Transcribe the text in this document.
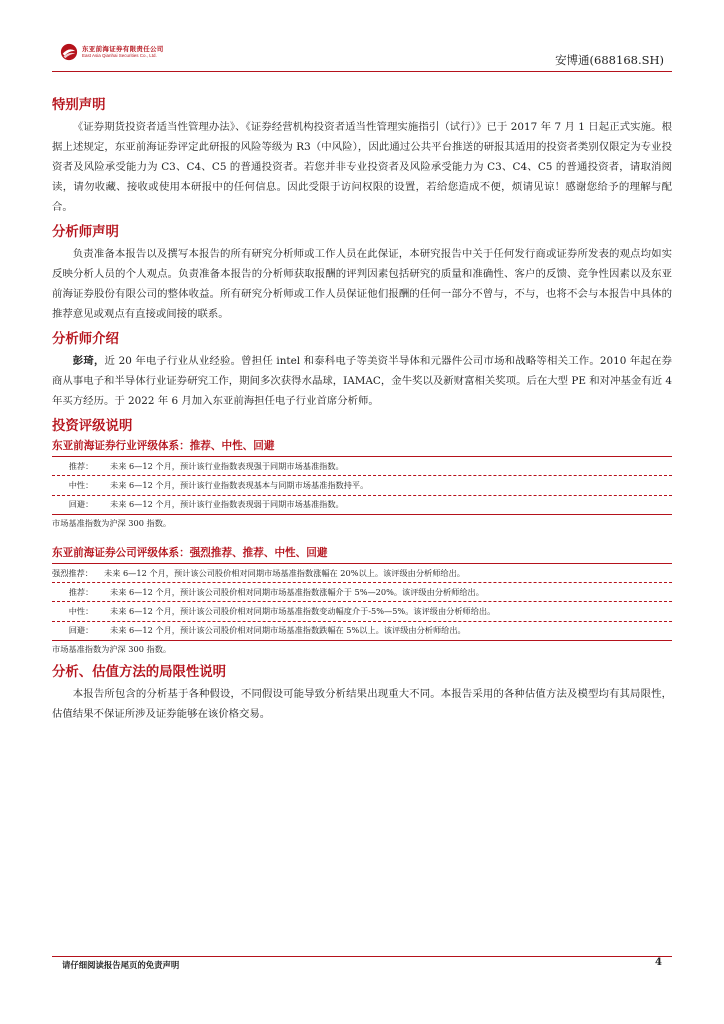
东亚前海证券有限责任公司
East Asia Qianhai Securities Co., Ltd.	安博通(688168.SH)
特别声明

《证券期货投资者适当性管理办法》、《证券经营机构投资者适当性管理实施指引（试行）》已于 2017 年 7 月 1 日起正式实施。根据上述规定，东亚前海证券评定此研报的风险等级为 R3（中风险），因此通过公共平台推送的研报其适用的投资者类别仅限定为专业投资者及风险承受能力为 C3、C4、C5 的普通投资者。若您并非专业投资者及风险承受能力为 C3、C4、C5 的普通投资者，请取消阅读，请勿收藏、接收或使用本研报中的任何信息。因此受限于访问权限的设置，若给您造成不便，烦请见谅！感谢您给予的理解与配合。

分析师声明

负责准备本报告以及撰写本报告的所有研究分析师或工作人员在此保证，本研究报告中关于任何发行商或证券所发表的观点均如实反映分析人员的个人观点。负责准备本报告的分析师获取报酬的评判因素包括研究的质量和准确性、客户的反馈、竞争性因素以及东亚前海证券股份有限公司的整体收益。所有研究分析师或工作人员保证他们报酬的任何一部分不曾与，不与，也将不会与本报告中具体的推荐意见或观点有直接或间接的联系。

分析师介绍

彭琦，近 20 年电子行业从业经验。曾担任 intel 和泰科电子等美资半导体和元器件公司市场和战略等相关工作。2010 年起在券商从事电子和半导体行业证券研究工作，期间多次获得水晶球，IAMAC，金牛奖以及新财富相关奖项。后在大型 PE 和对冲基金有近 4 年买方经历。于 2022 年 6 月加入东亚前海担任电子行业首席分析师。

投资评级说明
东亚前海证券行业评级体系：推荐、中性、回避
推荐：	未来 6—12 个月，预计该行业指数表现强于同期市场基准指数。
中性：	未来 6—12 个月，预计该行业指数表现基本与同期市场基准指数持平。
回避：	未来 6—12 个月，预计该行业指数表现弱于同期市场基准指数。

市场基准指数为沪深 300 指数。

东亚前海证券公司评级体系：强烈推荐、推荐、中性、回避
强烈推荐：	未来 6—12 个月，预计该公司股价相对同期市场基准指数涨幅在 20%以上。该评级由分析师给出。
推荐：	未来 6—12 个月，预计该公司股价相对同期市场基准指数涨幅介于 5%—20%。该评级由分析师给出。
中性：	未来 6—12 个月，预计该公司股价相对同期市场基准指数变动幅度介于-5%—5%。该评级由分析师给出。
回避：	未来 6—12 个月，预计该公司股价相对同期市场基准指数跌幅在 5%以上。该评级由分析师给出。

市场基准指数为沪深 300 指数。

分析、估值方法的局限性说明

本报告所包含的分析基于各种假设，不同假设可能导致分析结果出现重大不同。本报告采用的各种估值方法及模型均有其局限性，估值结果不保证所涉及证券能够在该价格交易。

请仔细阅读报告尾页的免责声明	4
